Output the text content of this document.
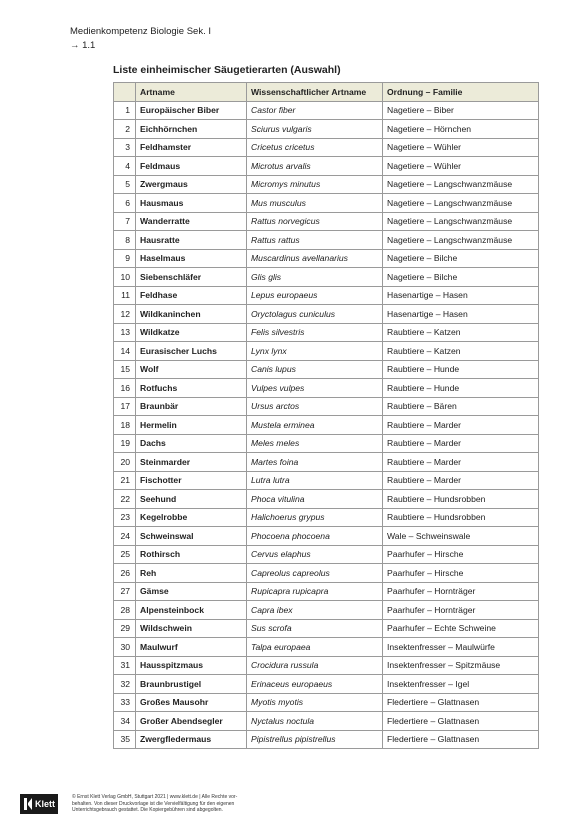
Medienkompetenz Biologie Sek. I
→ 1.1
Liste einheimischer Säugetierarten (Auswahl)
	Artname	Wissenschaftlicher Artname	Ordnung – Familie
1	Europäischer Biber	Castor fiber	Nagetiere – Biber
2	Eichhörnchen	Sciurus vulgaris	Nagetiere – Hörnchen
3	Feldhamster	Cricetus cricetus	Nagetiere – Wühler
4	Feldmaus	Microtus arvalis	Nagetiere – Wühler
5	Zwergmaus	Micromys minutus	Nagetiere – Langschwanzmäuse
6	Hausmaus	Mus musculus	Nagetiere – Langschwanzmäuse
7	Wanderratte	Rattus norvegicus	Nagetiere – Langschwanzmäuse
8	Hausratte	Rattus rattus	Nagetiere – Langschwanzmäuse
9	Haselmaus	Muscardinus avellanarius	Nagetiere – Bilche
10	Siebenschläfer	Glis glis	Nagetiere – Bilche
11	Feldhase	Lepus europaeus	Hasenartige – Hasen
12	Wildkaninchen	Oryctolagus cuniculus	Hasenartige – Hasen
13	Wildkatze	Felis silvestris	Raubtiere – Katzen
14	Eurasischer Luchs	Lynx lynx	Raubtiere – Katzen
15	Wolf	Canis lupus	Raubtiere – Hunde
16	Rotfuchs	Vulpes vulpes	Raubtiere – Hunde
17	Braunbär	Ursus arctos	Raubtiere – Bären
18	Hermelin	Mustela erminea	Raubtiere – Marder
19	Dachs	Meles meles	Raubtiere – Marder
20	Steinmarder	Martes foina	Raubtiere – Marder
21	Fischotter	Lutra lutra	Raubtiere – Marder
22	Seehund	Phoca vitulina	Raubtiere – Hundsrobben
23	Kegelrobbe	Halichoerus grypus	Raubtiere – Hundsrobben
24	Schweinswal	Phocoena phocoena	Wale – Schweinswale
25	Rothirsch	Cervus elaphus	Paarhufer – Hirsche
26	Reh	Capreolus capreolus	Paarhufer – Hirsche
27	Gämse	Rupicapra rupicapra	Paarhufer – Hornträger
28	Alpensteinbock	Capra ibex	Paarhufer – Hornträger
29	Wildschwein	Sus scrofa	Paarhufer – Echte Schweine
30	Maulwurf	Talpa europaea	Insektenfresser – Maulwürfe
31	Hausspitzmaus	Crocidura russula	Insektenfresser – Spitzmäuse
32	Braunbrustigel	Erinaceus europaeus	Insektenfresser – Igel
33	Großes Mausohr	Myotis myotis	Fledertiere – Glattnasen
34	Großer Abendsegler	Nyctalus noctula	Fledertiere – Glattnasen
35	Zwergfledermaus	Pipistrellus pipistrellus	Fledertiere – Glattnasen
Klett
© Ernst Klett Verlag GmbH, Stuttgart 2021 | www.klett.de | Alle Rechte vor-
behalten. Von dieser Druckvorlage ist die Vervielfältigung für den eigenen
Unterrichtsgebrauch gestattet. Die Kopiergebühren sind abgegolten.
